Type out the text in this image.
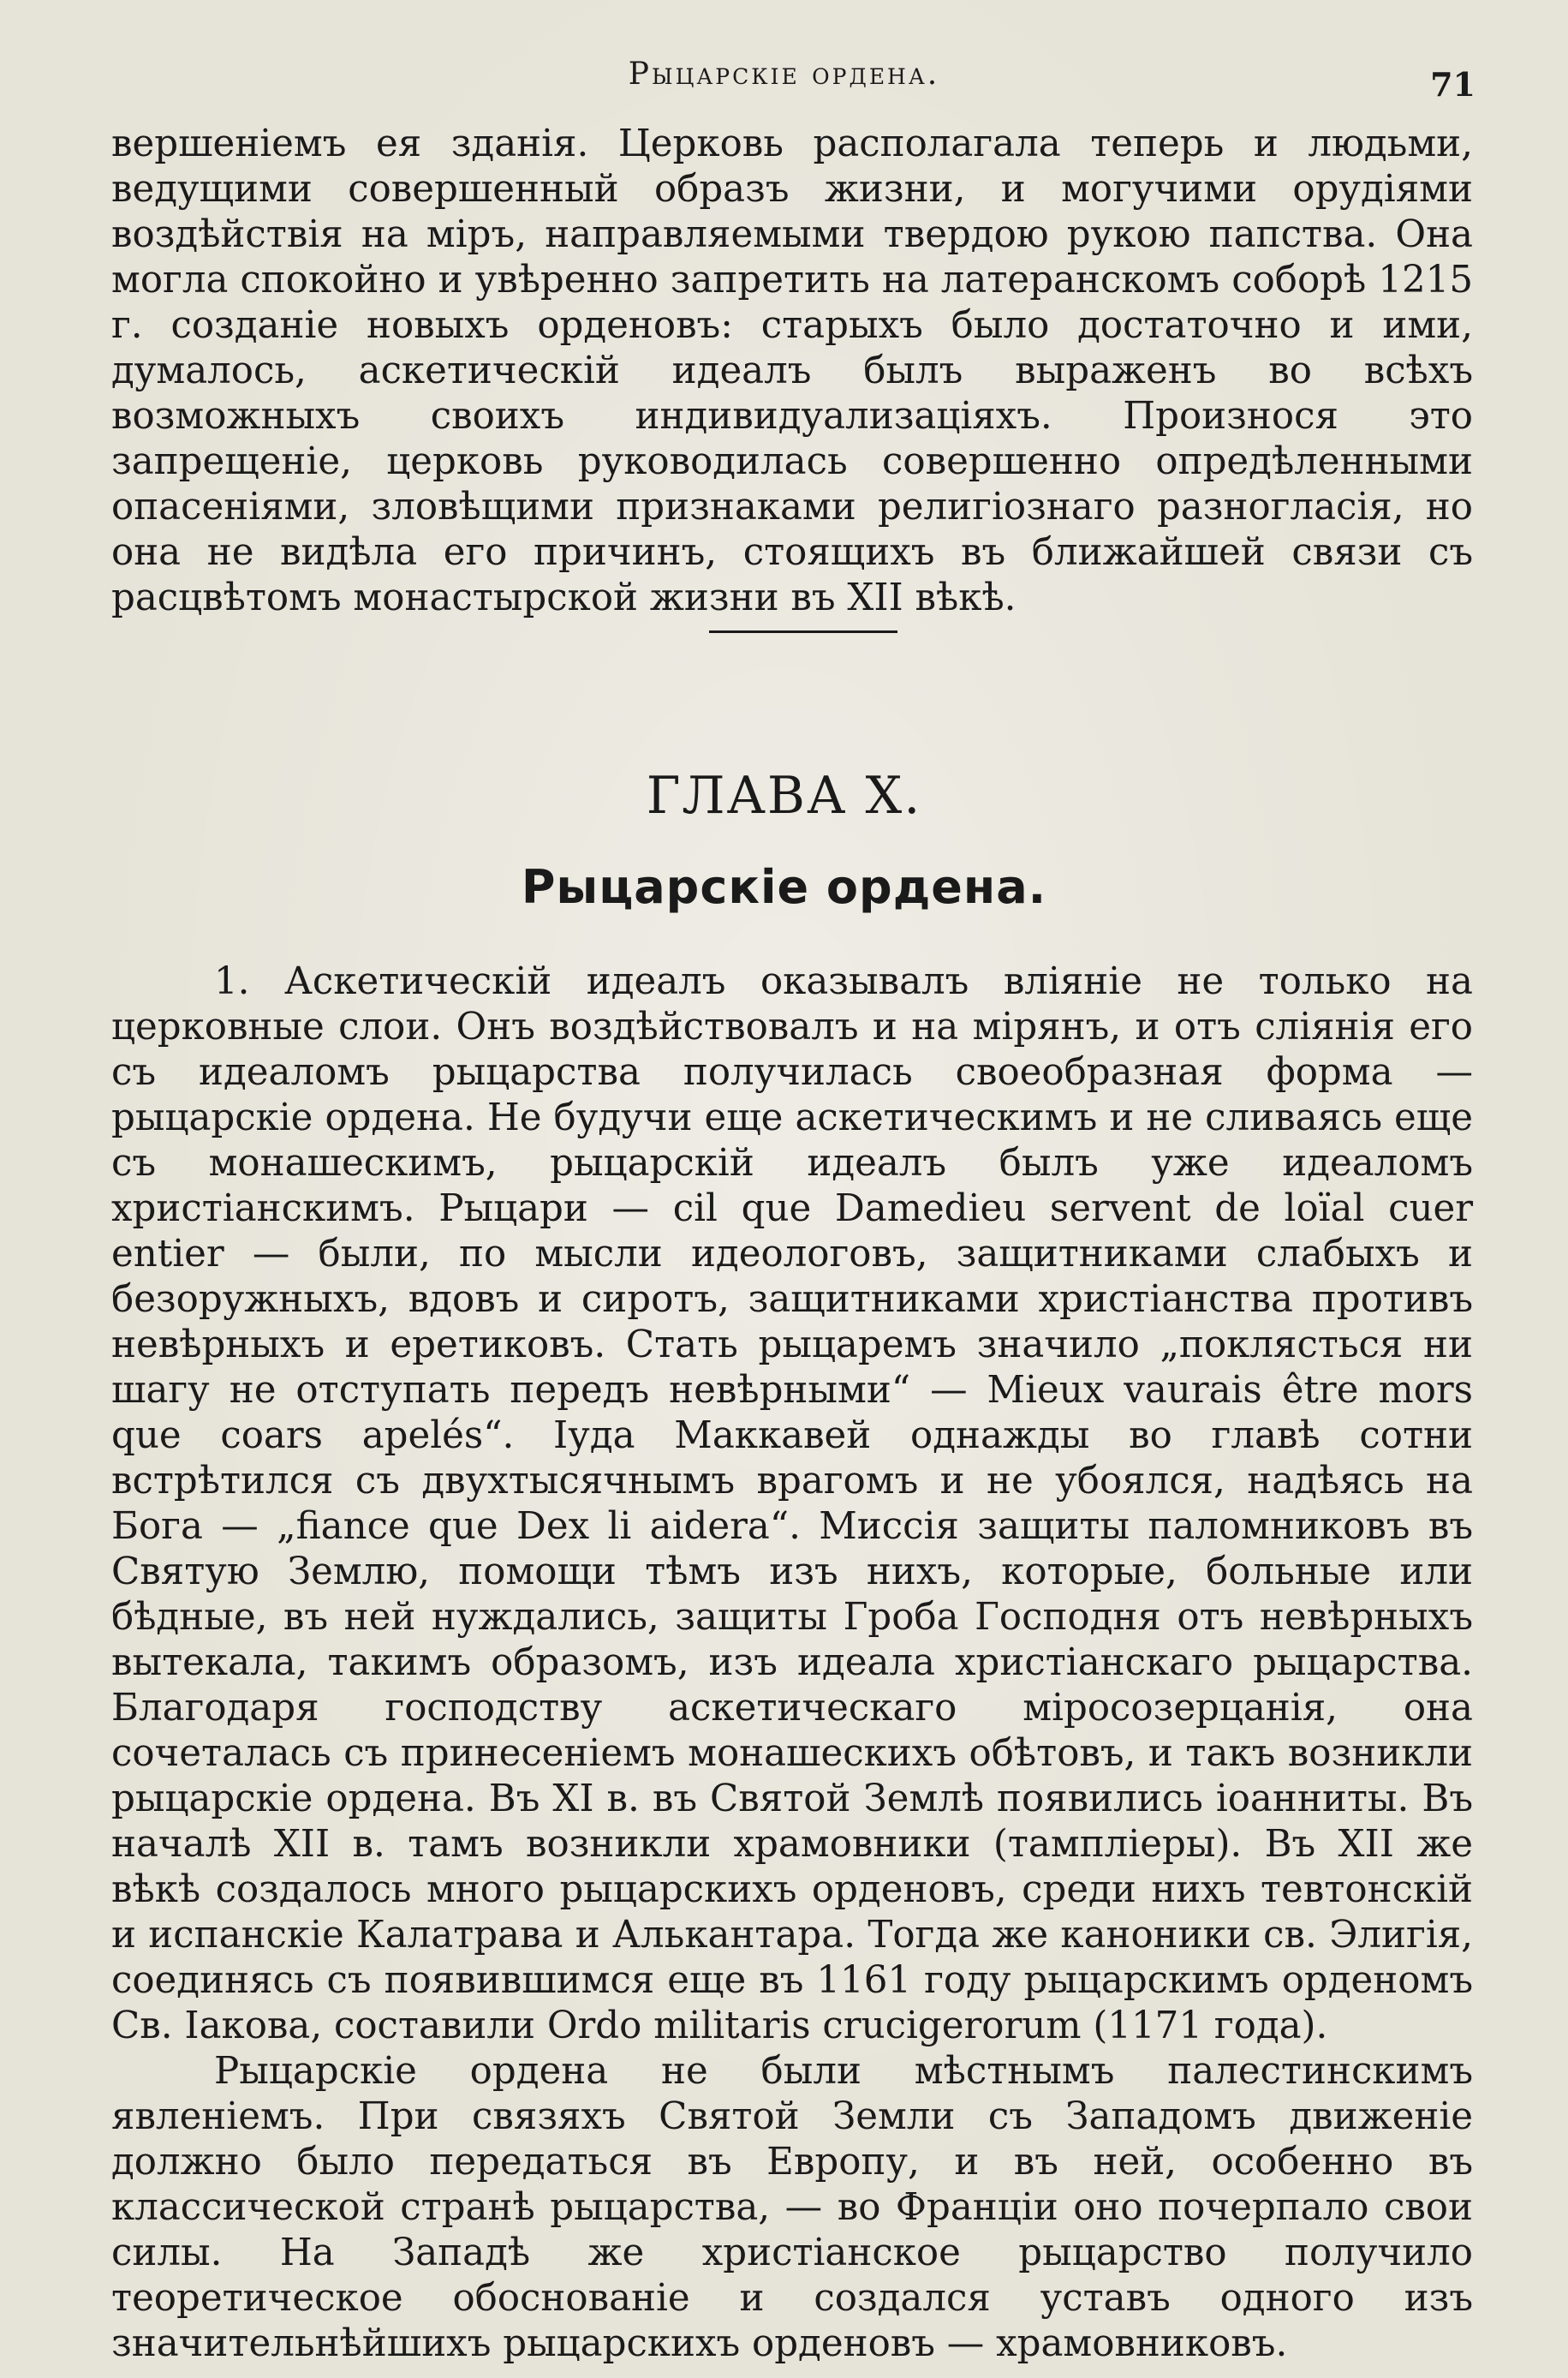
Рыцарскіе ордена.	71

вершеніемъ ея зданія. Церковь располагала теперь и людьми, ведущими совершенный образъ жизни, и могучими орудіями воздѣйствія на міръ, направляемыми твердою рукою папства. Она могла спокойно и увѣренно запретить на латеранскомъ соборѣ 1215 г. созданіе новыхъ орденовъ: старыхъ было достаточно и ими, думалось, аскетическій идеалъ былъ выраженъ во всѣхъ возможныхъ своихъ индивидуализаціяхъ. Произнося это запрещеніе, церковь руководилась совершенно опредѣленными опасеніями, зловѣщими признаками религіознаго разногласія, но она не видѣла его причинъ, стоящихъ въ ближайшей связи съ расцвѣтомъ монастырской жизни въ XII вѣкѣ.

ГЛАВА X.
Рыцарскіе ордена.

1. Аскетическій идеалъ оказывалъ вліяніе не только на церковные слои. Онъ воздѣйствовалъ и на мірянъ, и отъ слiянiя его съ идеаломъ рыцарства получилась своеобразная форма — рыцарскіе ордена. Не будучи еще аскетическимъ и не сливаясь еще съ монашескимъ, рыцарскій идеалъ былъ уже идеаломъ христіанскимъ. Рыцари — cil que Damedieu servent de loïal cuer entier — были, по мысли идеологовъ, защитниками слабыхъ и безоружныхъ, вдовъ и сиротъ, защитниками христіанства противъ невѣрныхъ и еретиковъ. Стать рыцаремъ значило „поклясться ни шагу не отступать передъ невѣрными“ — Mieux vaurais être mors que coars apelés“. Іуда Маккавей однажды во главѣ сотни встрѣтился съ двухтысячнымъ врагомъ и не убоялся, надѣясь на Бога — „fiance que Dex li aidera“. Миссія защиты паломниковъ въ Святую Землю, помощи тѣмъ изъ нихъ, которые, больные или бѣдные, въ ней нуждались, защиты Гроба Господня отъ невѣрныхъ вытекала, такимъ образомъ, изъ идеала христіанскаго рыцарства. Благодаря господству аскетическаго міросозерцанія, она сочеталась съ принесеніемъ монашескихъ обѣтовъ, и такъ возникли рыцарскіе ордена. Въ XI в. въ Святой Землѣ появились іоанниты. Въ началѣ XII в. тамъ возникли храмовники (тампліеры). Въ XII же вѣкѣ создалось много рыцарскихъ орденовъ, среди нихъ тевтонскій и испанскіе Калатрава и Алькантара. Тогда же каноники св. Элигія, соединясь съ появившимся еще въ 1161 году рыцарскимъ орденомъ Св. Іакова, составили Ordo militaris crucigerorum (1171 года).

Рыцарскіе ордена не были мѣстнымъ палестинскимъ явленіемъ. При связяхъ Святой Земли съ Западомъ движеніе должно было передаться въ Европу, и въ ней, особенно въ классической странѣ рыцарства, — во Франціи оно почерпало свои силы. На Западѣ же христіанское рыцарство получило теоретическое обоснованіе и создался уставъ одного изъ значительнѣйшихъ рыцарскихъ орденовъ — храмовниковъ.
